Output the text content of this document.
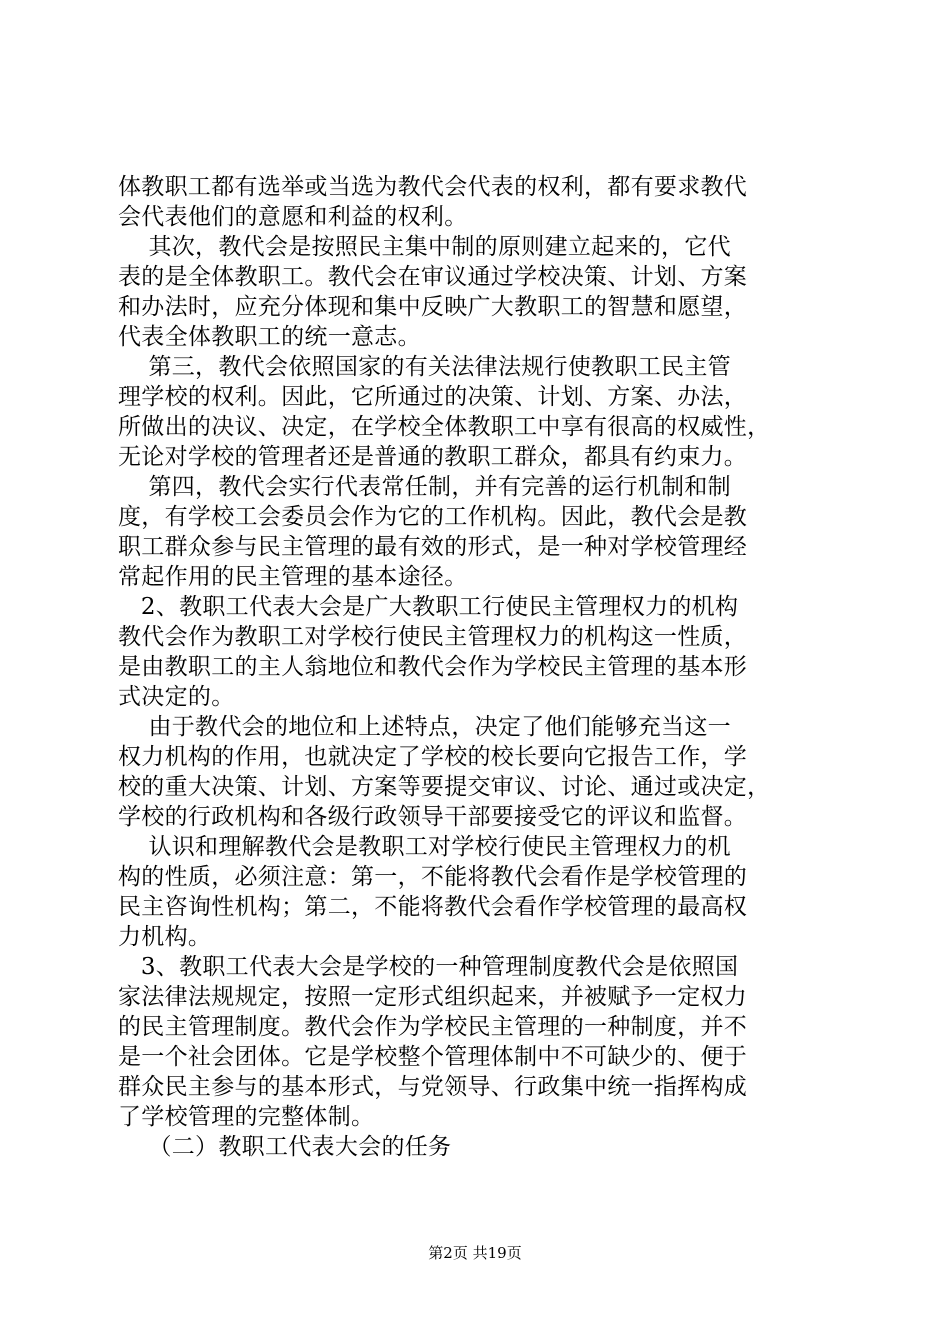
体教职工都有选举或当选为教代会代表的权利，都有要求教代
会代表他们的意愿和利益的权利。
其次，教代会是按照民主集中制的原则建立起来的，它代
表的是全体教职工。教代会在审议通过学校决策、计划、方案
和办法时，应充分体现和集中反映广大教职工的智慧和愿望，
代表全体教职工的统一意志。
第三，教代会依照国家的有关法律法规行使教职工民主管
理学校的权利。因此，它所通过的决策、计划、方案、办法，
所做出的决议、决定，在学校全体教职工中享有很高的权威性，
无论对学校的管理者还是普通的教职工群众，都具有约束力。
第四，教代会实行代表常任制，并有完善的运行机制和制
度，有学校工会委员会作为它的工作机构。因此，教代会是教
职工群众参与民主管理的最有效的形式，是一种对学校管理经
常起作用的民主管理的基本途径。
2、教职工代表大会是广大教职工行使民主管理权力的机构
教代会作为教职工对学校行使民主管理权力的机构这一性质，
是由教职工的主人翁地位和教代会作为学校民主管理的基本形
式决定的。
由于教代会的地位和上述特点，决定了他们能够充当这一
权力机构的作用，也就决定了学校的校长要向它报告工作，学
校的重大决策、计划、方案等要提交审议、讨论、通过或决定，
学校的行政机构和各级行政领导干部要接受它的评议和监督。
认识和理解教代会是教职工对学校行使民主管理权力的机
构的性质，必须注意：第一，不能将教代会看作是学校管理的
民主咨询性机构；第二，不能将教代会看作学校管理的最高权
力机构。
3、教职工代表大会是学校的一种管理制度教代会是依照国
家法律法规规定，按照一定形式组织起来，并被赋予一定权力
的民主管理制度。教代会作为学校民主管理的一种制度，并不
是一个社会团体。它是学校整个管理体制中不可缺少的、便于
群众民主参与的基本形式，与党领导、行政集中统一指挥构成
了学校管理的完整体制。
（二）教职工代表大会的任务
第2页 共19页
